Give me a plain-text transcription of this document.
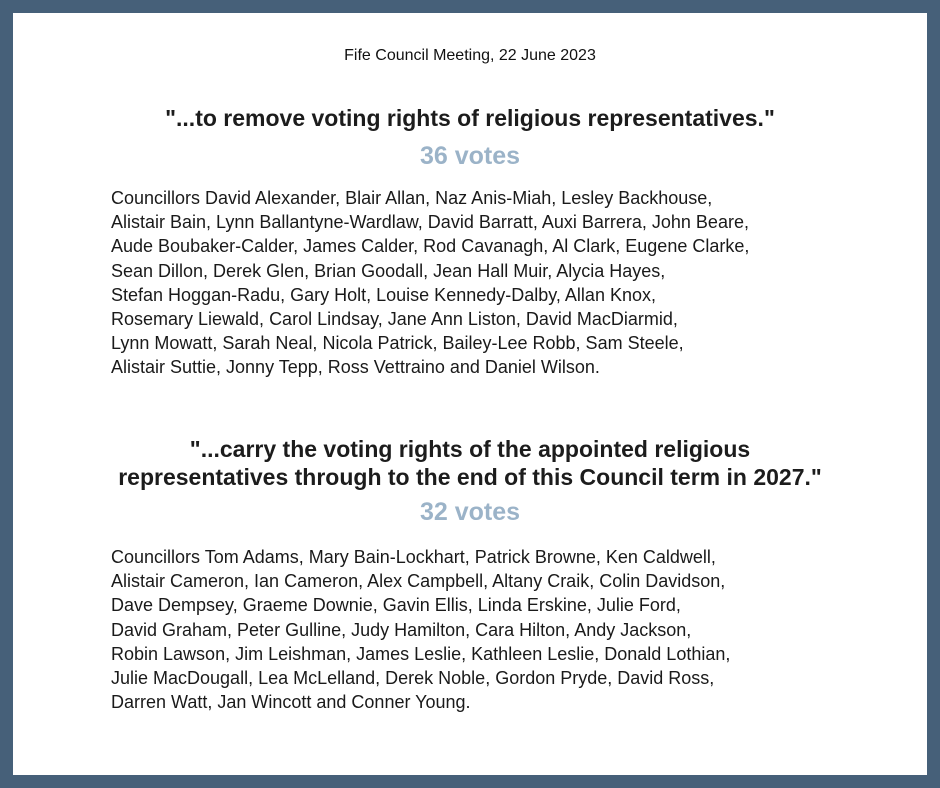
Fife Council Meeting, 22 June 2023
"...to remove voting rights of religious representatives."
36 votes
Councillors David Alexander, Blair Allan, Naz Anis-Miah, Lesley Backhouse,
Alistair Bain, Lynn Ballantyne-Wardlaw, David Barratt, Auxi Barrera, John Beare,
Aude Boubaker-Calder, James Calder, Rod Cavanagh, Al Clark, Eugene Clarke,
Sean Dillon, Derek Glen, Brian Goodall, Jean Hall Muir, Alycia Hayes,
Stefan Hoggan-Radu, Gary Holt, Louise Kennedy-Dalby, Allan Knox,
Rosemary Liewald, Carol Lindsay, Jane Ann Liston, David MacDiarmid,
Lynn Mowatt, Sarah Neal, Nicola Patrick, Bailey-Lee Robb, Sam Steele,
Alistair Suttie, Jonny Tepp, Ross Vettraino and Daniel Wilson.
"...carry the voting rights of the appointed religious
representatives through to the end of this Council term in 2027."
32 votes
Councillors Tom Adams, Mary Bain-Lockhart, Patrick Browne, Ken Caldwell,
Alistair Cameron, Ian Cameron, Alex Campbell, Altany Craik, Colin Davidson,
Dave Dempsey, Graeme Downie, Gavin Ellis, Linda Erskine, Julie Ford,
David Graham, Peter Gulline, Judy Hamilton, Cara Hilton, Andy Jackson,
Robin Lawson, Jim Leishman, James Leslie, Kathleen Leslie, Donald Lothian,
Julie MacDougall, Lea McLelland, Derek Noble, Gordon Pryde, David Ross,
Darren Watt, Jan Wincott and Conner Young.
